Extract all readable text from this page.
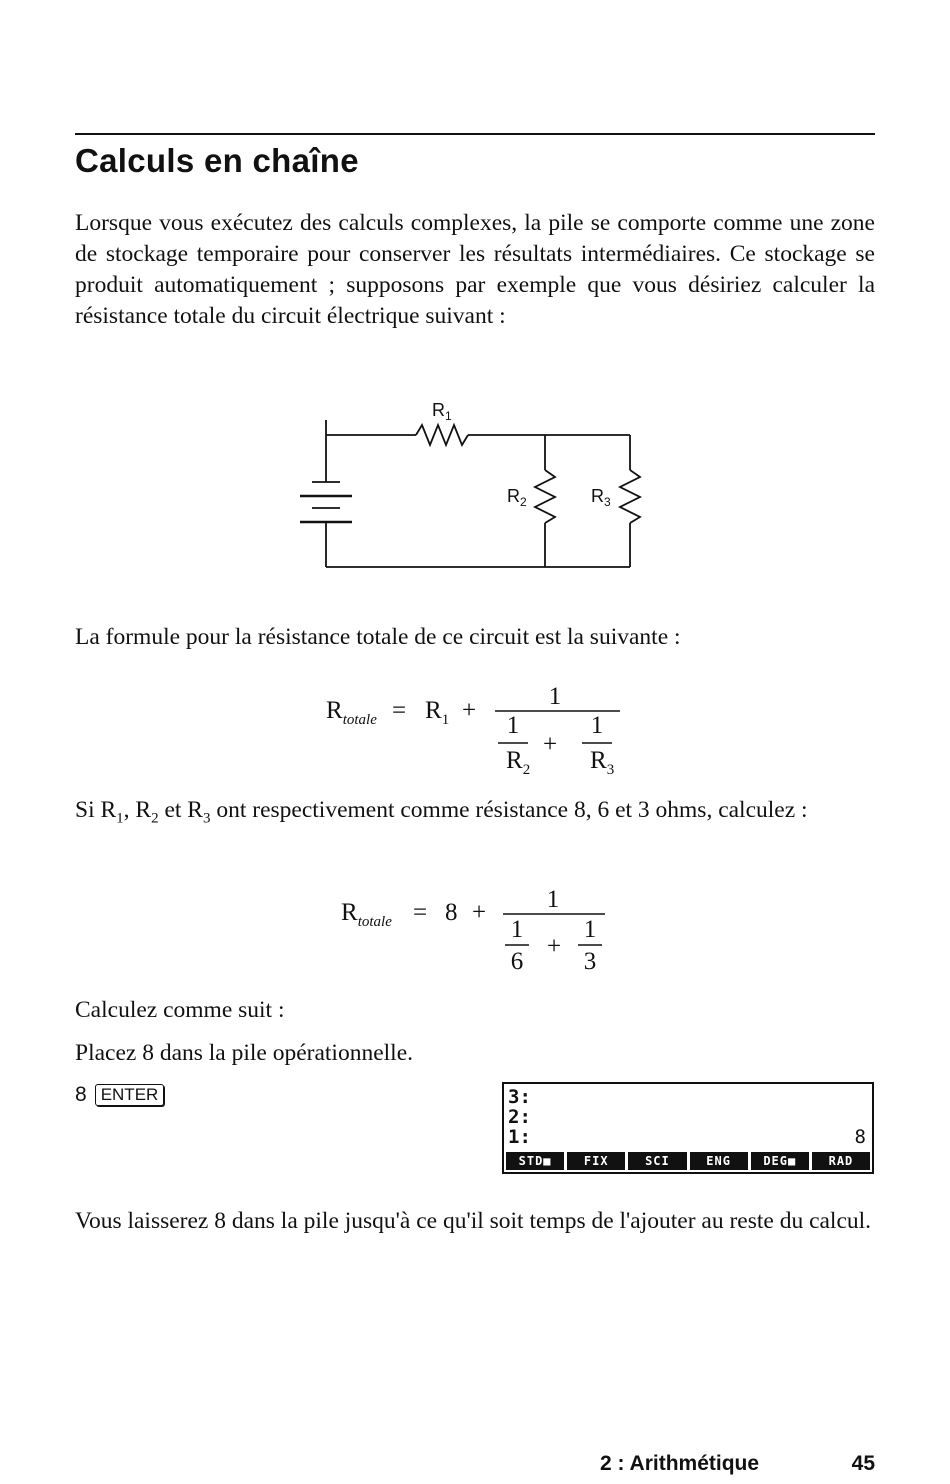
Calculs en chaîne

Lorsque vous exécutez des calculs complexes, la pile se comporte comme une zone de stockage temporaire pour conserver les résultats intermédiaires. Ce stockage se produit automatiquement ; supposons par exemple que vous désiriez calculer la résistance totale du circuit électrique suivant :

$R_1$
$R_2$	$R_3$

La formule pour la résistance totale de ce circuit est la suivante :

$R_{totale} = R_1$ +
1
1
$R_2$
+
1
$R_3$

Si $R_1$, $R_2$ et $R_3$ ont respectivement comme résistance 8, 6 et 3 ohms, calculez :

$R_{totale} = 8 + 1$
1
6
+
1
3

Calculez comme suit :

Placez 8 dans la pile opérationnelle.

8 ENTER	3:
2:
1:	8
STD■	FIX	SCI	ENG	DEG■	RAD

Vous laisserez 8 dans la pile jusqu'à ce qu'il soit temps de l'ajouter au reste du calcul.

2 : Arithmétique	45
